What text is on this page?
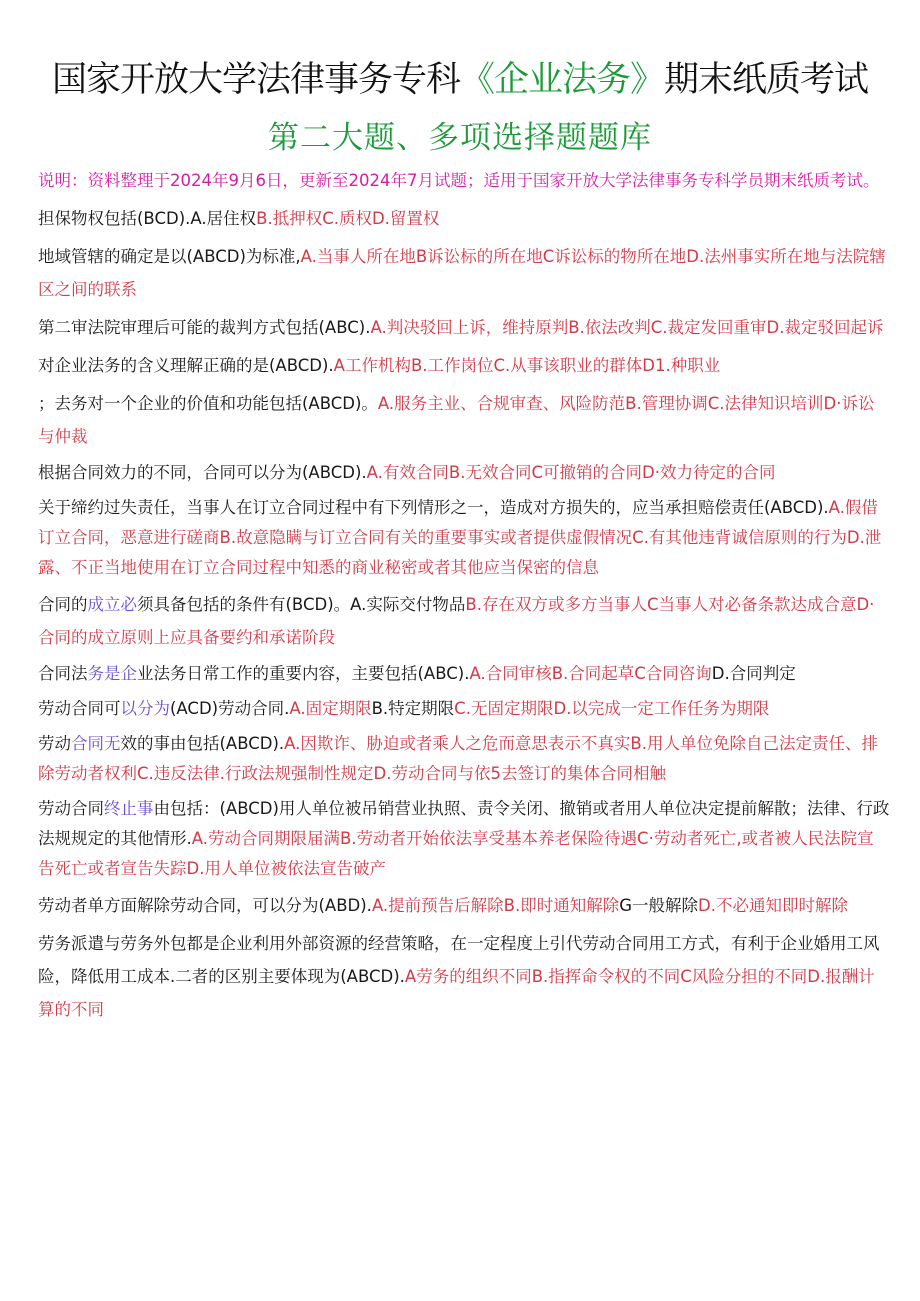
国家开放大学法律事务专科《企业法务》期末纸质考试
第二大题、多项选择题题库
说明：资料整理于2024年9月6日，更新至2024年7月试题；适用于国家开放大学法律事务专科学员期末纸质考试。
担保物权包括(BCD).A.居住权B.抵押权C.质权D.留置权
地域管辖的确定是以(ABCD)为标准,A.当事人所在地B诉讼标的所在地C诉讼标的物所在地D.法州事实所在地与法院辖区之间的联系
第二审法院审理后可能的裁判方式包括(ABC).A.判决驳回上诉，维持原判B.依法改判C.裁定发回重审D.裁定驳回起诉
对企业法务的含义理解正确的是(ABCD).A工作机构B.工作岗位C.从事该职业的群体D1.种职业
；去务对一个企业的价值和功能包括(ABCD)。A.服务主业、合规审查、风险防范B.管理协调C.法律知识培训D·诉讼与仲裁
根据合同效力的不同，合同可以分为(ABCD).A.有效合同B.无效合同C可撤销的合同D·效力待定的合同
关于缔约过失责任，当事人在订立合同过程中有下列情形之一，造成对方损失的，应当承担赔偿责任(ABCD).A.假借订立合同，恶意进行磋商B.故意隐瞒与订立合同有关的重要事实或者提供虚假情况C.有其他违背诚信原则的行为D.泄露、不正当地使用在订立合同过程中知悉的商业秘密或者其他应当保密的信息
合同的成立必须具备包括的条件有(BCD)。A.实际交付物品B.存在双方或多方当事人C当事人对必备条款达成合意D·合同的成立原则上应具备要约和承诺阶段
合同法务是企业法务日常工作的重要内容，主要包括(ABC).A.合同审核B.合同起草C合同咨询D.合同判定
劳动合同可以分为(ACD)劳动合同.A.固定期限B.特定期限C.无固定期限D.以完成一定工作任务为期限
劳动合同无效的事由包括(ABCD).A.因欺诈、胁迫或者乘人之危而意思表示不真实B.用人单位免除自己法定责任、排除劳动者权利C.违反法律.行政法规强制性规定D.劳动合同与依5去签订的集体合同相触
劳动合同终止事由包括：(ABCD)用人单位被吊销营业执照、责令关闭、撤销或者用人单位决定提前解散；法律、行政法规规定的其他情形.A.劳动合同期限届满B.劳动者开始依法享受基本养老保险待遇C·劳动者死亡,或者被人民法院宣告死亡或者宣告失踪D.用人单位被依法宣告破产
劳动者单方面解除劳动合同，可以分为(ABD).A.提前预告后解除B.即时通知解除G一般解除D.不必通知即时解除
劳务派遣与劳务外包都是企业利用外部资源的经营策略，在一定程度上引代劳动合同用工方式，有利于企业婚用工风险，降低用工成本.二者的区别主要体现为(ABCD).A劳务的组织不同B.指挥命令权的不同C风险分担的不同D.报酬计算的不同
